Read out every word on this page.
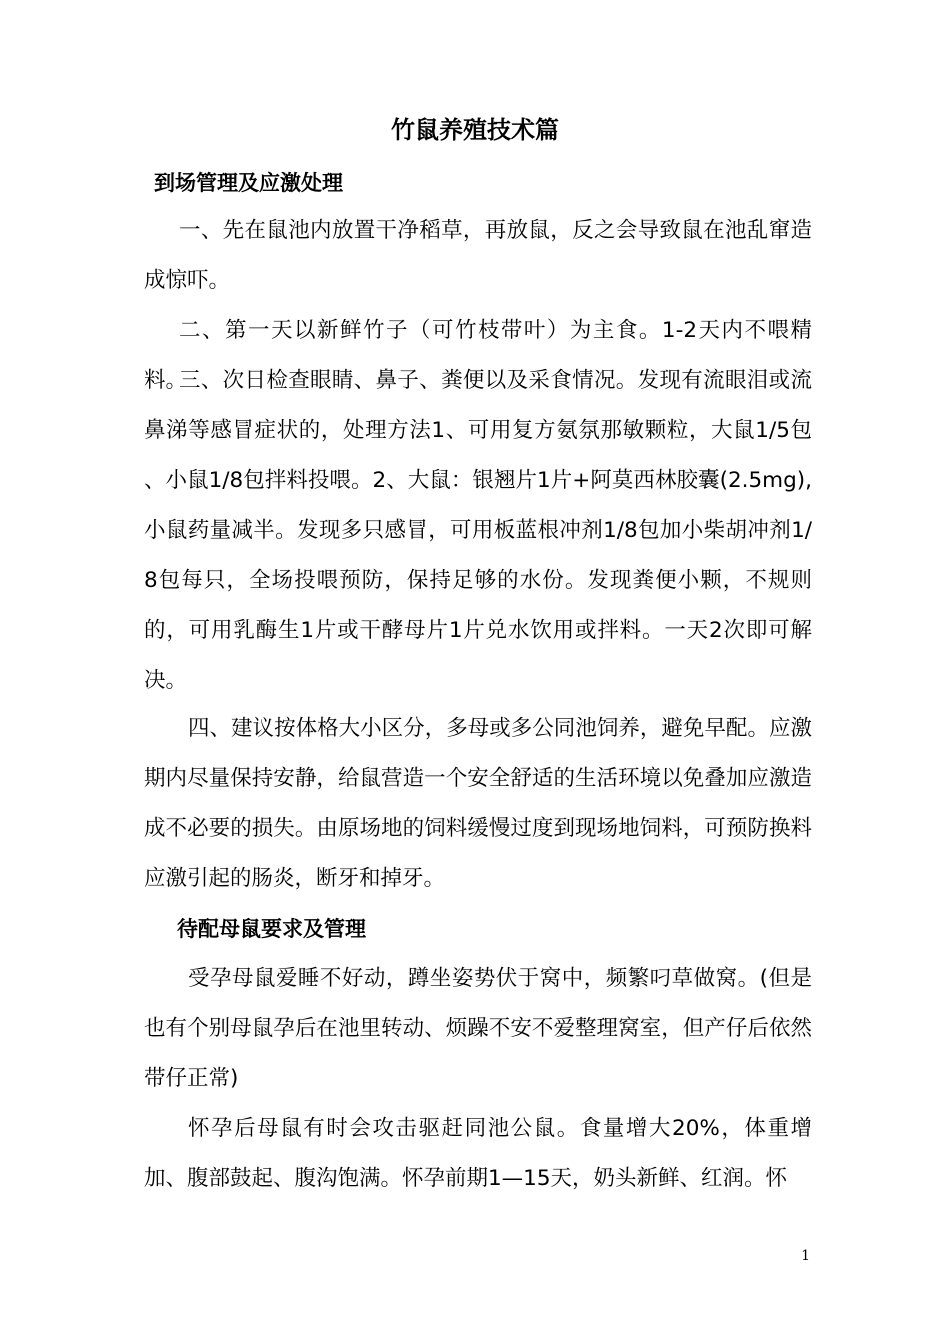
竹鼠养殖技术篇
到场管理及应激处理

一、先在鼠池内放置干净稻草，再放鼠，反之会导致鼠在池乱窜造成惊吓。

二、第一天以新鲜竹子（可竹枝带叶）为主食。1-2天内不喂精料。

三、次日检查眼睛、鼻子、粪便以及采食情况。发现有流眼泪或流鼻涕等感冒症状的，处理方法1、可用复方氨氛那敏颗粒，大鼠1/5包 、小鼠1/8包拌料投喂。2、大鼠：银翘片1片+阿莫西林胶囊(2.5mg), 小鼠药量减半。发现多只感冒，可用板蓝根冲剂1/8包加小柴胡冲剂1/8包每只，全场投喂预防，保持足够的水份。发现粪便小颗，不规则的，可用乳酶生1片或干酵母片1片兑水饮用或拌料。一天2次即可解决。

四、建议按体格大小区分，多母或多公同池饲养，避免早配。应激期内尽量保持安静，给鼠营造一个安全舒适的生活环境以免叠加应激造成不必要的损失。由原场地的饲料缓慢过度到现场地饲料，可预防换料应激引起的肠炎，断牙和掉牙。

待配母鼠要求及管理

受孕母鼠爱睡不好动，蹲坐姿势伏于窝中，频繁叼草做窝。(但是也有个别母鼠孕后在池里转动、烦躁不安不爱整理窝室，但产仔后依然带仔正常)

怀孕后母鼠有时会攻击驱赶同池公鼠。食量增大20%，体重增加、腹部鼓起、腹沟饱满。怀孕前期1—15天，奶头新鲜、红润。怀

1
